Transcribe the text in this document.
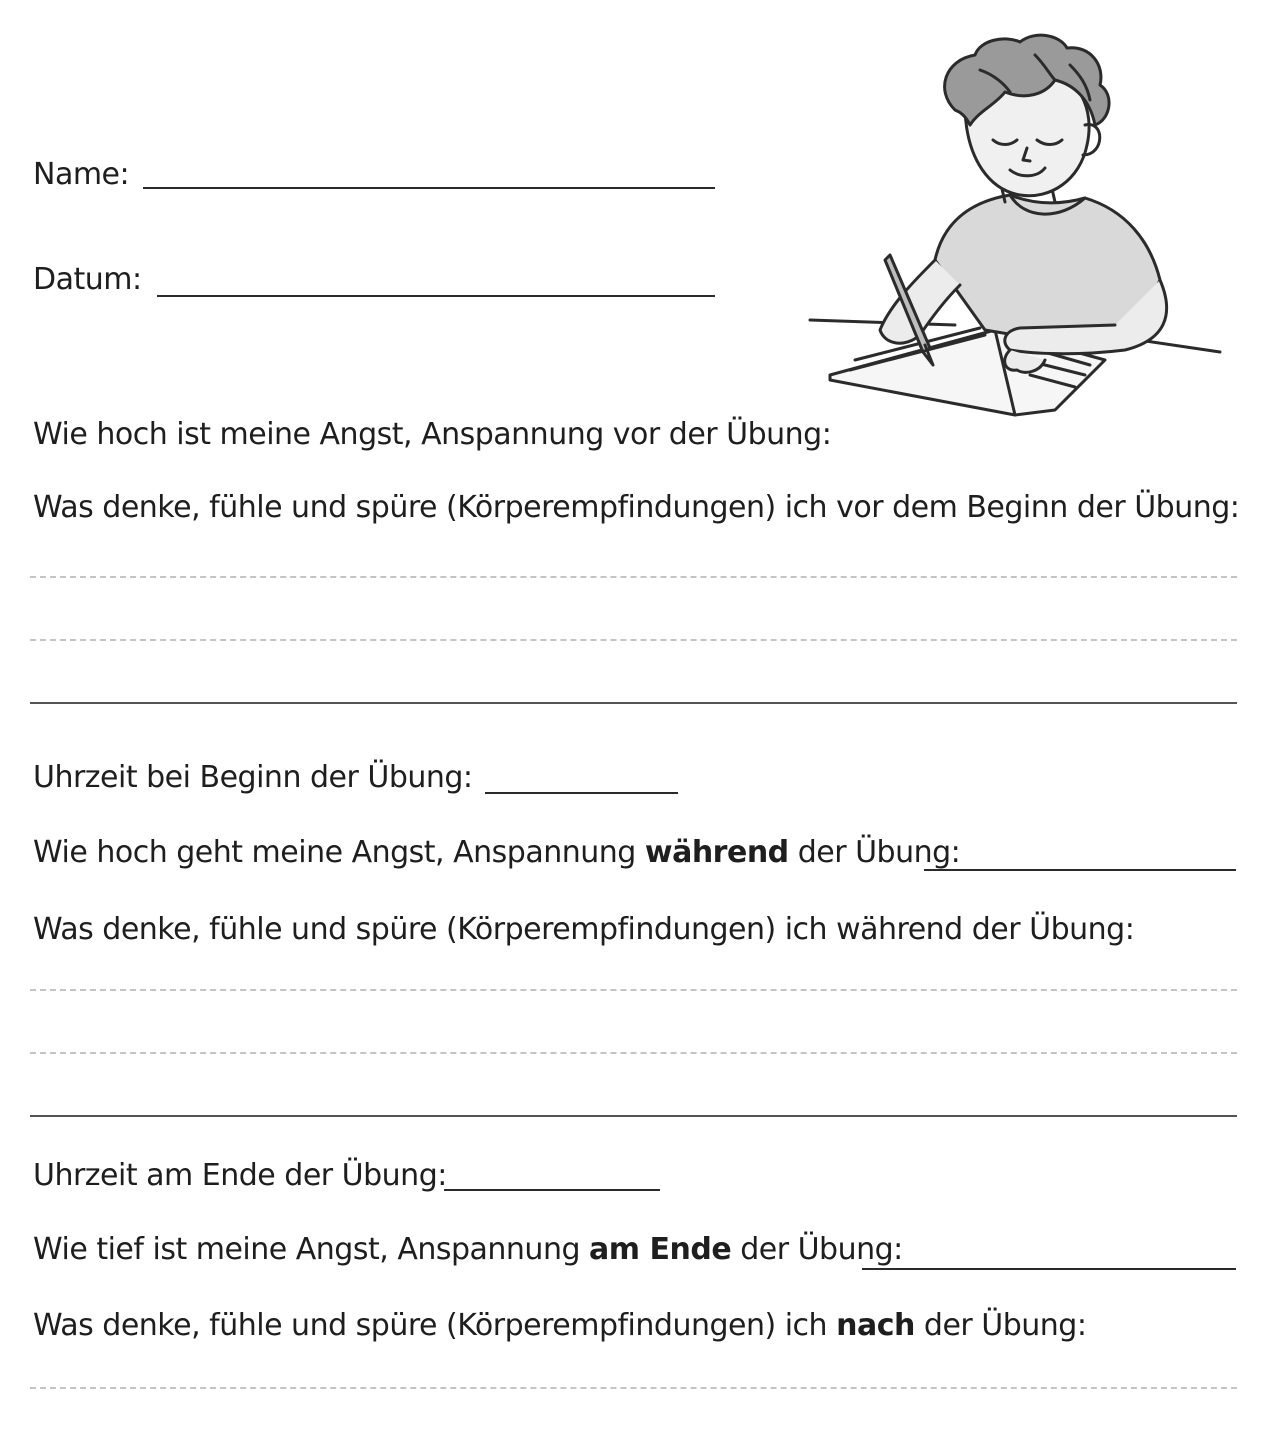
Name:
Datum:
Wie hoch ist meine Angst, Anspannung vor der Übung:
Was denke, fühle und spüre (Körperempfindungen) ich vor dem Beginn der Übung:
Uhrzeit bei Beginn der Übung:
Wie hoch geht meine Angst, Anspannung während der Übung:
Was denke, fühle und spüre (Körperempfindungen) ich während der Übung:
Uhrzeit am Ende der Übung:
Wie tief ist meine Angst, Anspannung am Ende der Übung:
Was denke, fühle und spüre (Körperempfindungen) ich nach der Übung:
